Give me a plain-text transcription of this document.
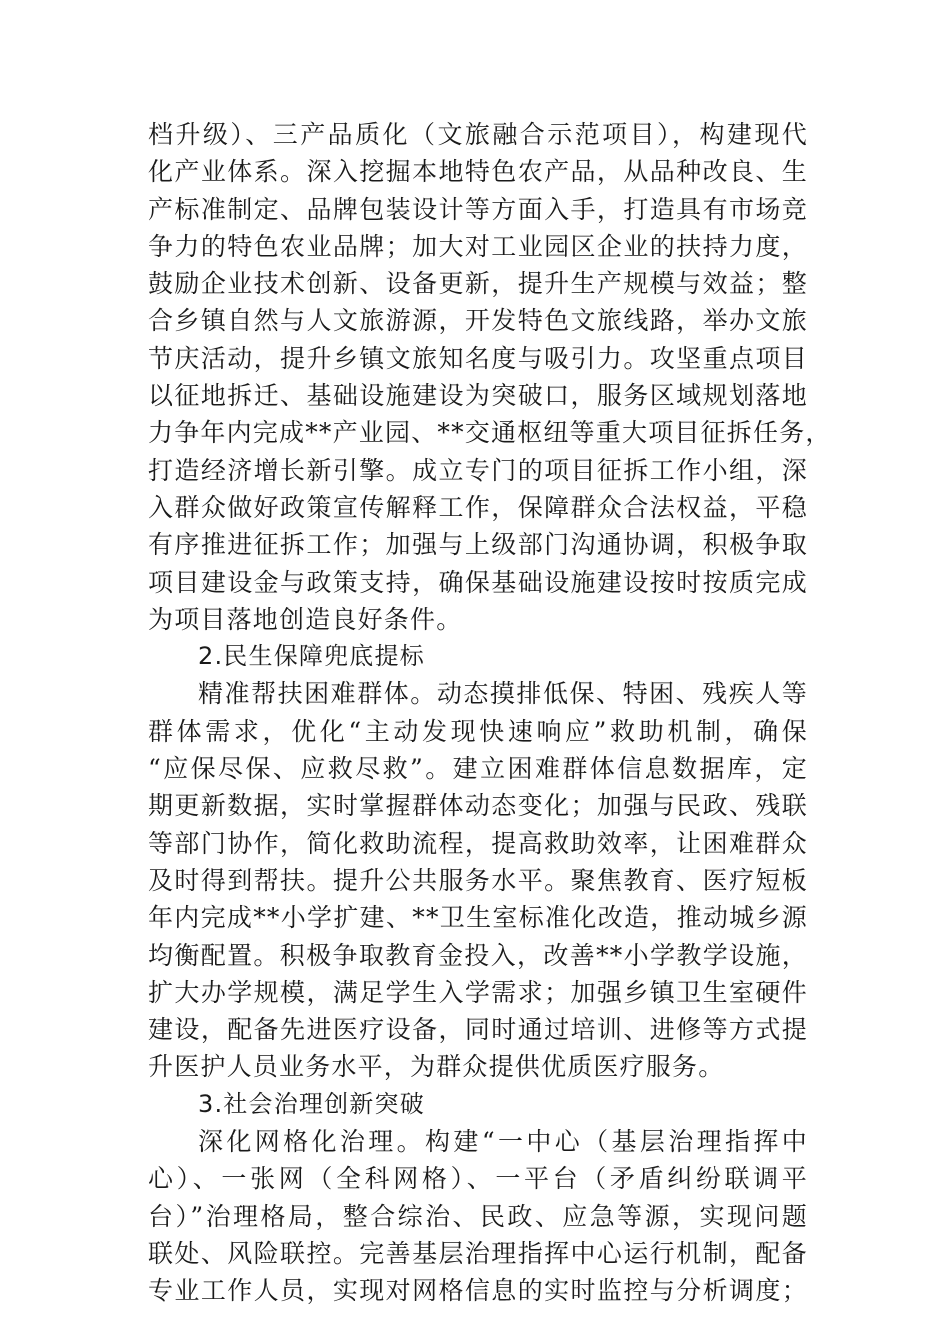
档升级）、三产品质化（文旅融合示范项目），构建现代
化产业体系。深入挖掘本地特色农产品，从品种改良、生
产标准制定、品牌包装设计等方面入手，打造具有市场竞
争力的特色农业品牌；加大对工业园区企业的扶持力度，
鼓励企业技术创新、设备更新，提升生产规模与效益；整
合乡镇自然与人文旅游源，开发特色文旅线路，举办文旅
节庆活动，提升乡镇文旅知名度与吸引力。攻坚重点项目
以征地拆迁、基础设施建设为突破口，服务区域规划落地
力争年内完成**产业园、**交通枢纽等重大项目征拆任务，
打造经济增长新引擎。成立专门的项目征拆工作小组，深
入群众做好政策宣传解释工作，保障群众合法权益，平稳
有序推进征拆工作；加强与上级部门沟通协调，积极争取
项目建设金与政策支持，确保基础设施建设按时按质完成
为项目落地创造良好条件。
2.民生保障兜底提标
精准帮扶困难群体。动态摸排低保、特困、残疾人等
群体需求，优化“主动发现快速响应”救助机制，确保
“应保尽保、应救尽救”。建立困难群体信息数据库，定
期更新数据，实时掌握群体动态变化；加强与民政、残联
等部门协作，简化救助流程，提高救助效率，让困难群众
及时得到帮扶。提升公共服务水平。聚焦教育、医疗短板
年内完成**小学扩建、**卫生室标准化改造，推动城乡源
均衡配置。积极争取教育金投入，改善**小学教学设施，
扩大办学规模，满足学生入学需求；加强乡镇卫生室硬件
建设，配备先进医疗设备，同时通过培训、进修等方式提
升医护人员业务水平，为群众提供优质医疗服务。
3.社会治理创新突破
深化网格化治理。构建“一中心（基层治理指挥中
心）、一张网（全科网格）、一平台（矛盾纠纷联调平
台）”治理格局，整合综治、民政、应急等源，实现问题
联处、风险联控。完善基层治理指挥中心运行机制，配备
专业工作人员，实现对网格信息的实时监控与分析调度；
